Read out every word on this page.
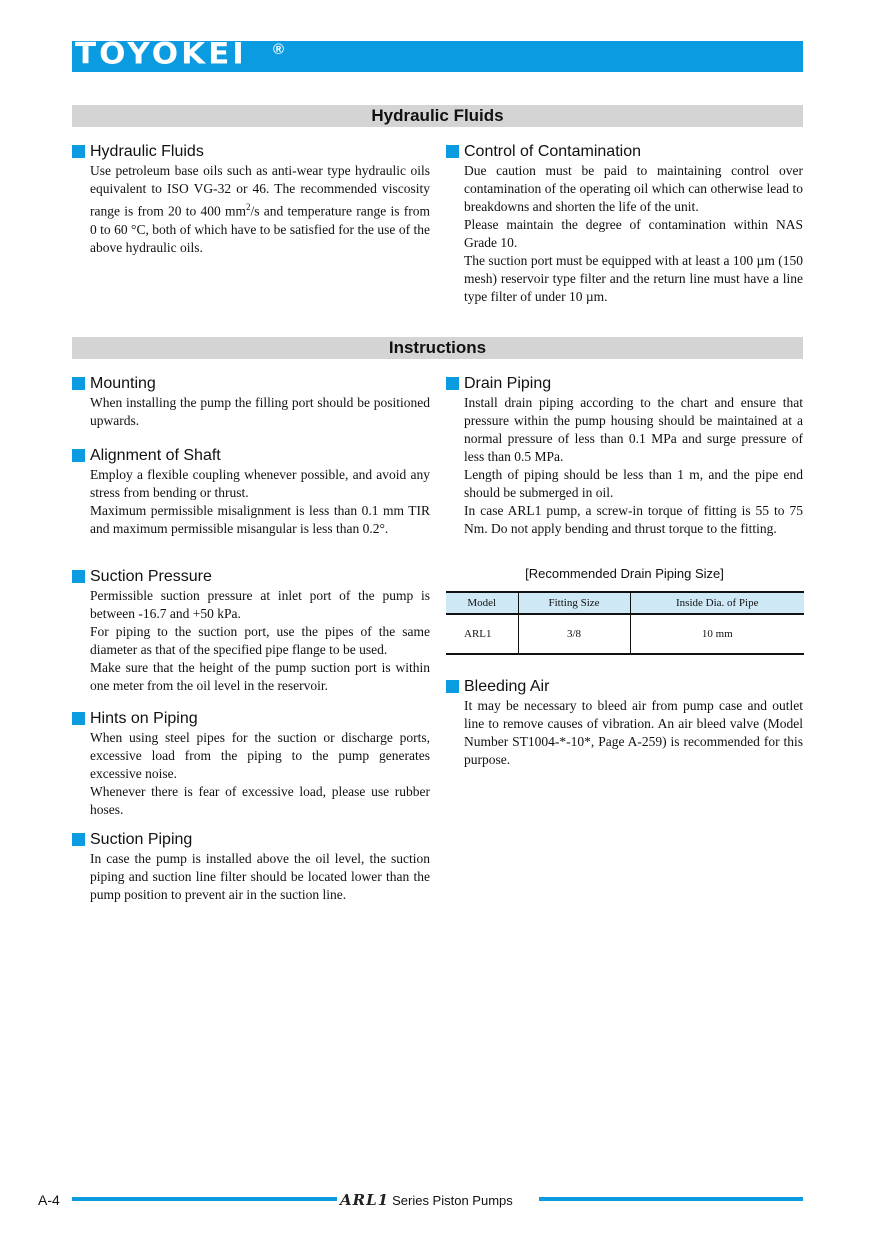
TOYOKEI ®
Hydraulic Fluids
Hydraulic Fluids

Use petroleum base oils such as anti-wear type hydraulic oils equivalent to ISO VG-32 or 46. The recommended viscosity range is from 20 to 400 $mm^2/s$ and temperature range is from 0 to 60 °C, both of which have to be satisfied for the use of the above hydraulic oils.

Control of Contamination

Due caution must be paid to maintaining control over contamination of the operating oil which can otherwise lead to breakdowns and shorten the life of the unit.

Please maintain the degree of contamination within NAS Grade 10.

The suction port must be equipped with at least a 100 µm (150 mesh) reservoir type filter and the return line must have a line type filter of under 10 µm.

Instructions
Mounting

When installing the pump the filling port should be positioned upwards.

Alignment of Shaft

Employ a flexible coupling whenever possible, and avoid any stress from bending or thrust.

Maximum permissible misalignment is less than 0.1 mm TIR and maximum permissible misangular is less than 0.2°.

Suction Pressure

Permissible suction pressure at inlet port of the pump is between -16.7 and +50 kPa.

For piping to the suction port, use the pipes of the same diameter as that of the specified pipe flange to be used.

Make sure that the height of the pump suction port is within one meter from the oil level in the reservoir.

Hints on Piping

When using steel pipes for the suction or discharge ports, excessive load from the piping to the pump generates excessive noise.

Whenever there is fear of excessive load, please use rubber hoses.

Suction Piping

In case the pump is installed above the oil level, the suction piping and suction line filter should be located lower than the pump position to prevent air in the suction line.

Drain Piping

Install drain piping according to the chart and ensure that pressure within the pump housing should be maintained at a normal pressure of less than 0.1 MPa and surge pressure of less than 0.5 MPa.

Length of piping should be less than 1 m, and the pipe end should be submerged in oil.

In case ARL1 pump, a screw-in torque of fitting is 55 to 75 Nm. Do not apply bending and thrust torque to the fitting.

[Recommended Drain Piping Size]
Model	Fitting Size	Inside Dia. of Pipe
ARL1	3/8	10 mm
Bleeding Air

It may be necessary to bleed air from pump case and outlet line to remove causes of vibration. An air bleed valve (Model Number ST1004-*-10*, Page A-259) is recommended for this purpose.

A-4	ARL1 Series Piston Pumps
